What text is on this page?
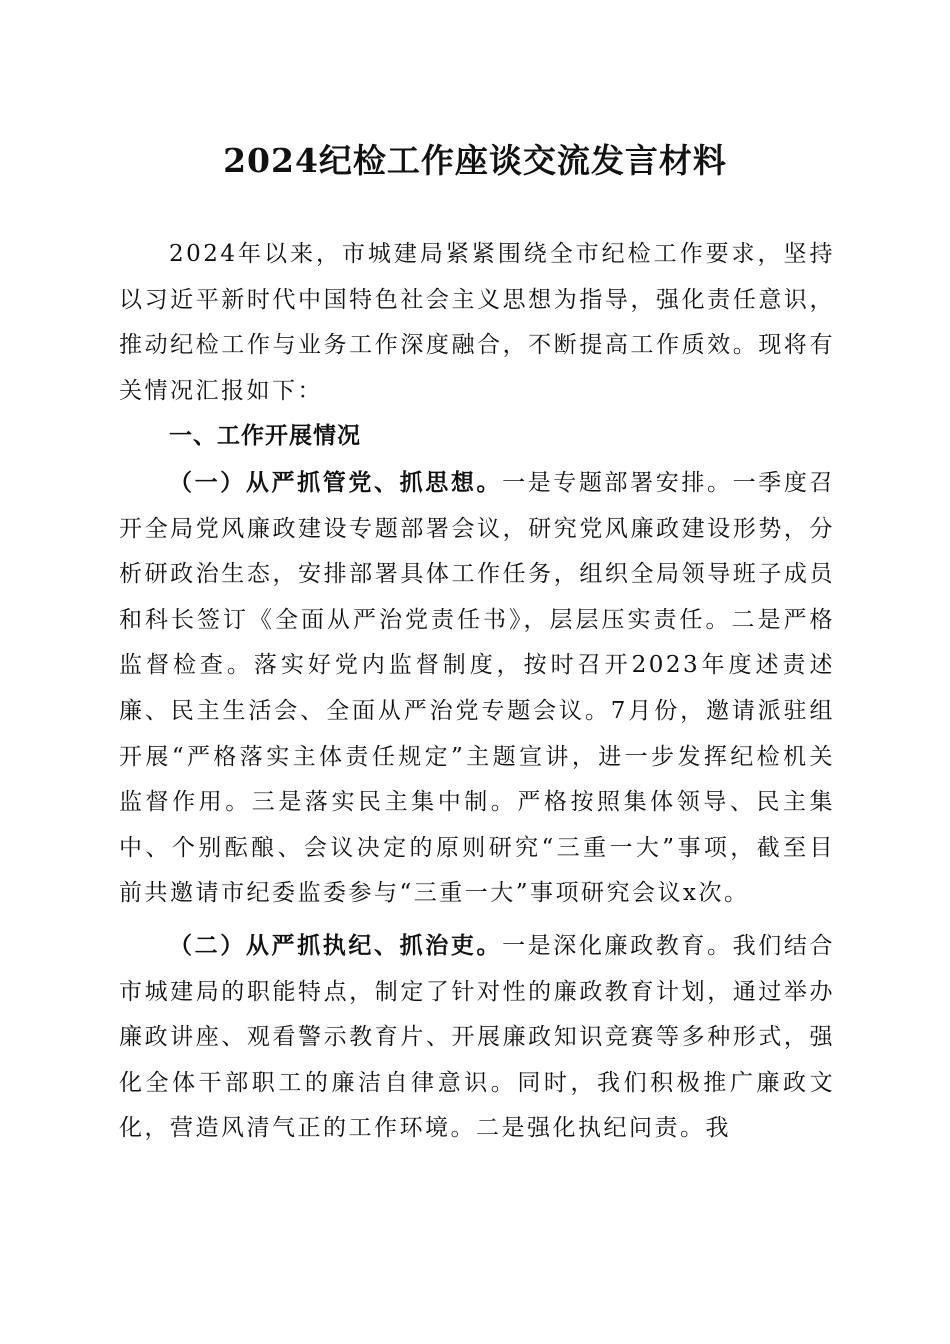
2024纪检工作座谈交流发言材料

2024年以来，市城建局紧紧围绕全市纪检工作要求，坚持以习近平新时代中国特色社会主义思想为指导，强化责任意识，推动纪检工作与业务工作深度融合，不断提高工作质效。现将有关情况汇报如下：

一、工作开展情况

（一）从严抓管党、抓思想。一是专题部署安排。一季度召开全局党风廉政建设专题部署会议，研究党风廉政建设形势，分析研政治生态，安排部署具体工作任务，组织全局领导班子成员和科长签订《全面从严治党责任书》，层层压实责任。二是严格监督检查。落实好党内监督制度，按时召开2023年度述责述廉、民主生活会、全面从严治党专题会议。7月份，邀请派驻组开展“严格落实主体责任规定”主题宣讲，进一步发挥纪检机关监督作用。三是落实民主集中制。严格按照集体领导、民主集中、个别酝酿、会议决定的原则研究“三重一大”事项，截至目前共邀请市纪委监委参与“三重一大”事项研究会议x次。

（二）从严抓执纪、抓治吏。一是深化廉政教育。我们结合市城建局的职能特点，制定了针对性的廉政教育计划，通过举办廉政讲座、观看警示教育片、开展廉政知识竞赛等多种形式，强化全体干部职工的廉洁自律意识。同时，我们积极推广廉政文化，营造风清气正的工作环境。二是强化执纪问责。我
